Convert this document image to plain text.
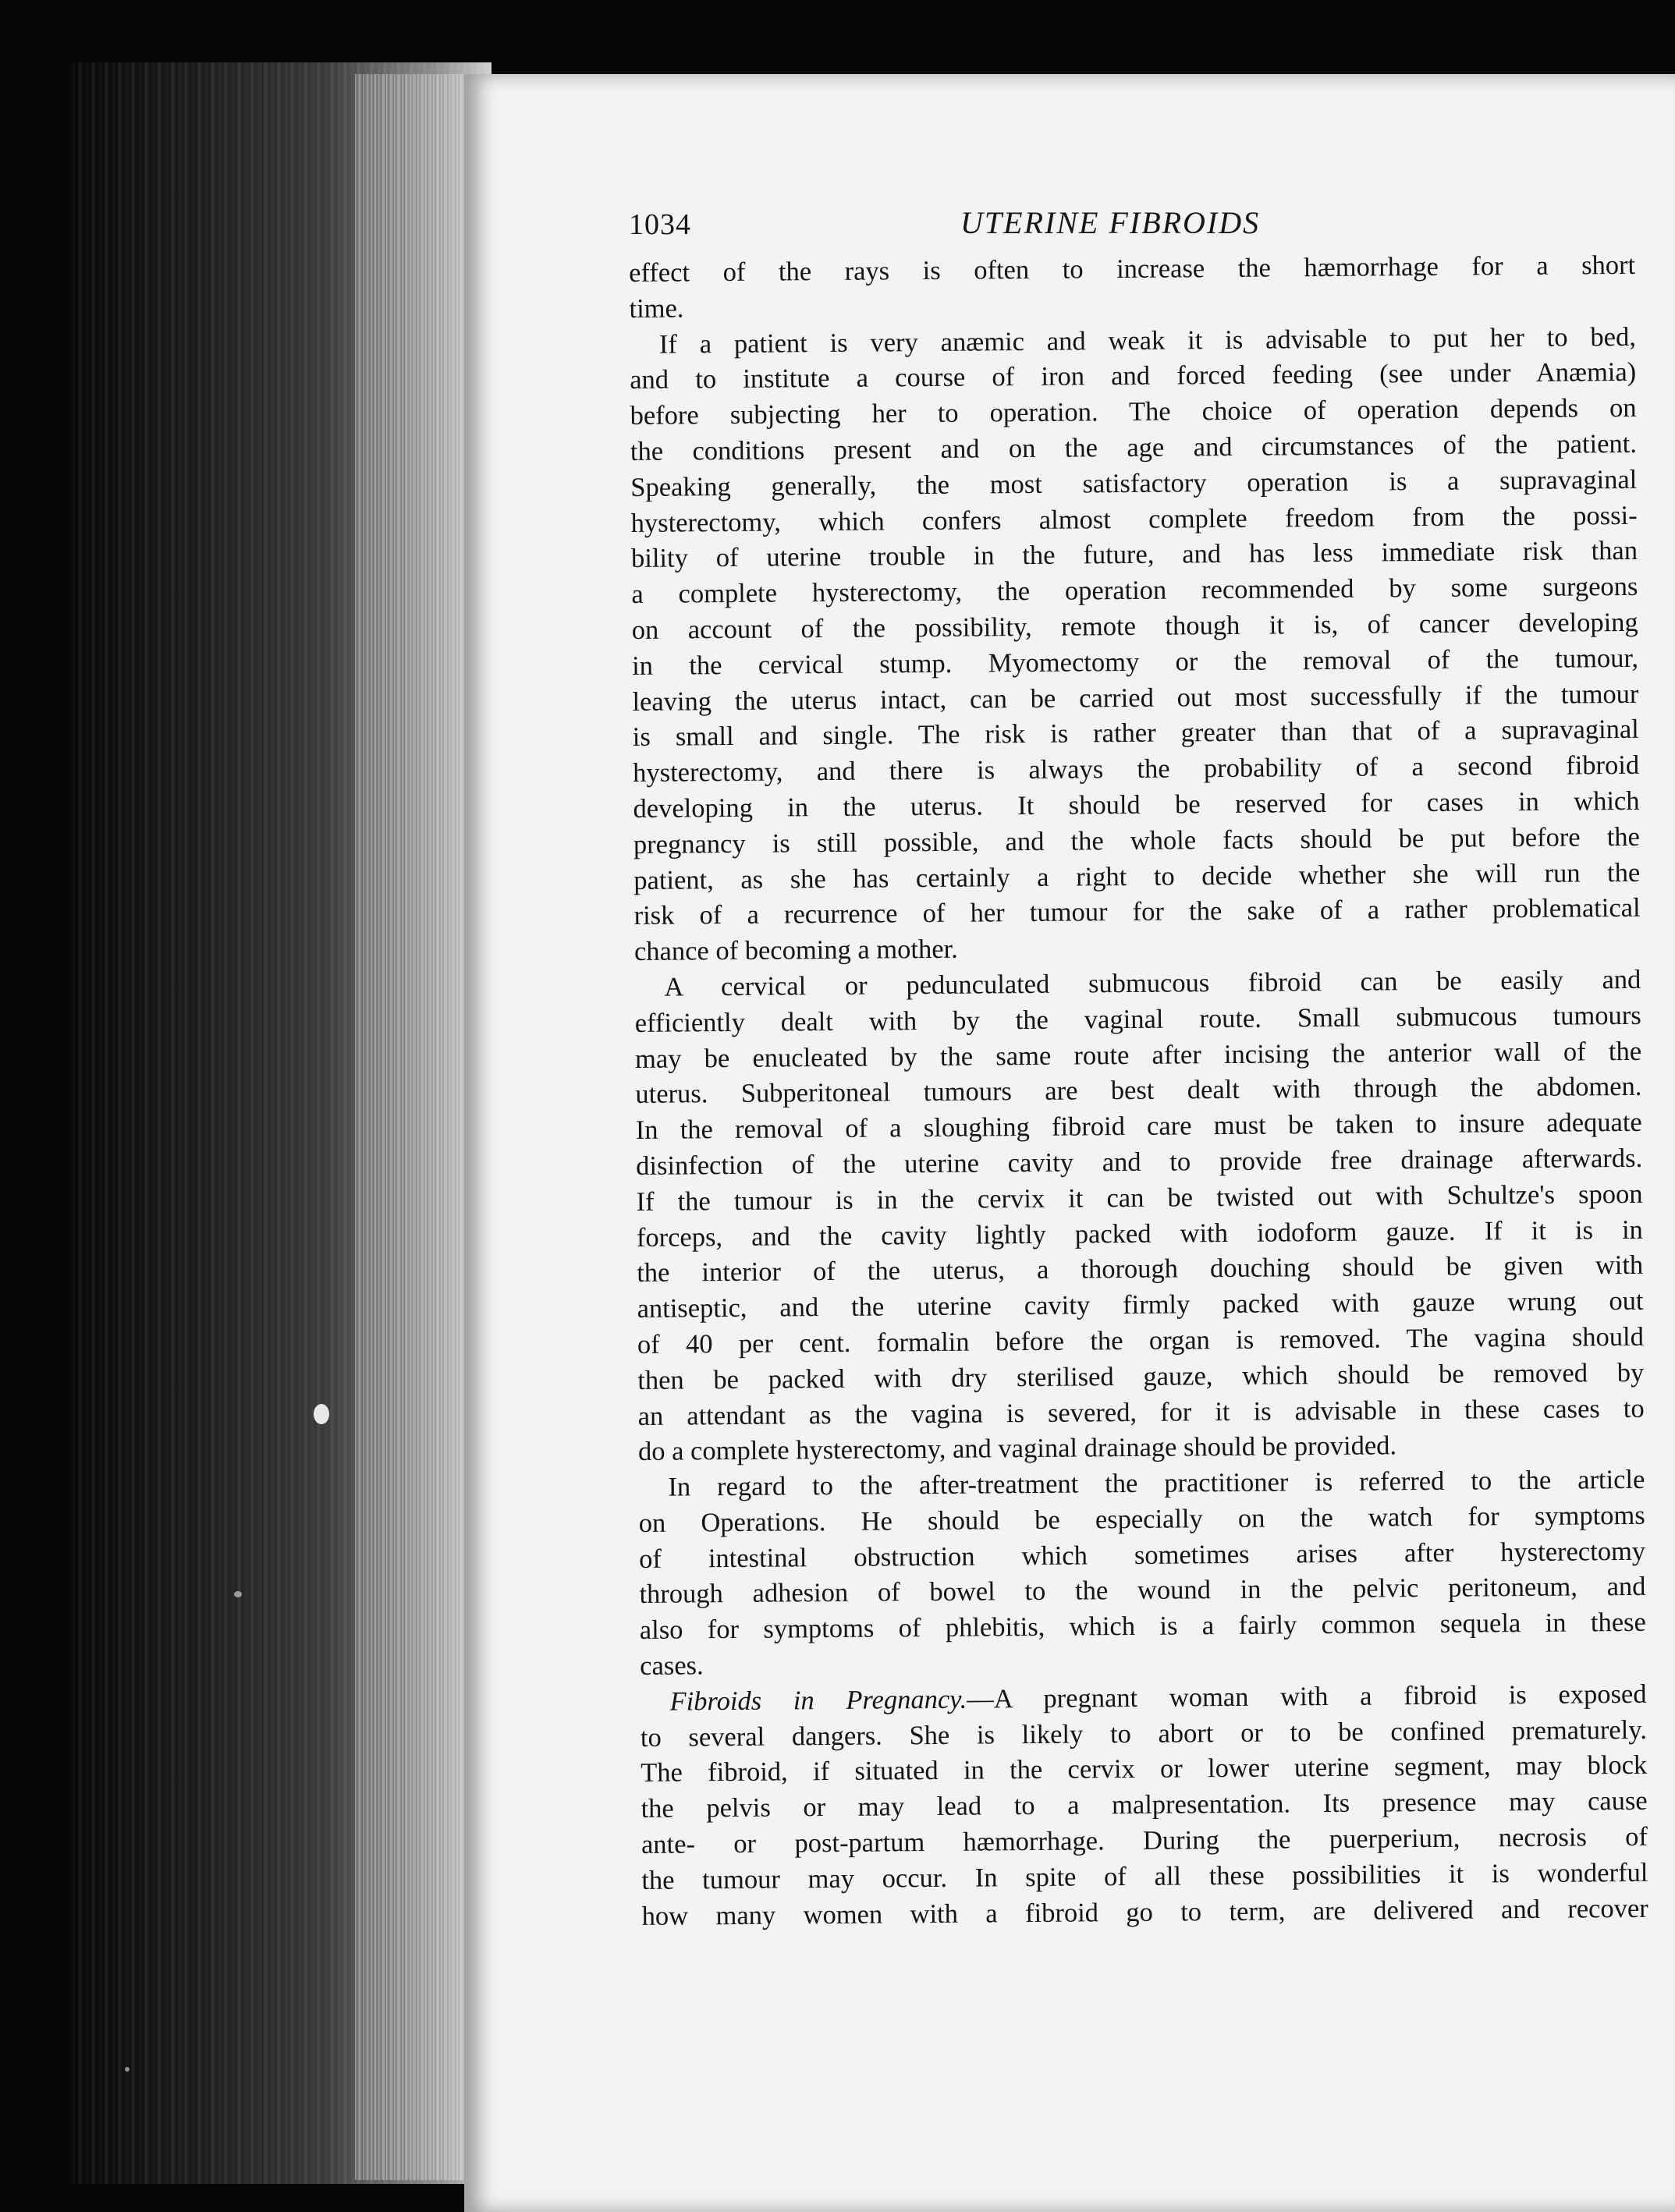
1034	UTERINE FIBROIDS
effect of the rays is often to increase the hæmorrhage for a short
time.
If a patient is very anæmic and weak it is advisable to put her to bed,
and to institute a course of iron and forced feeding (see under Anæmia)
before subjecting her to operation. The choice of operation depends on
the conditions present and on the age and circumstances of the patient.
Speaking generally, the most satisfactory operation is a supravaginal
hysterectomy, which confers almost complete freedom from the possi-
bility of uterine trouble in the future, and has less immediate risk than
a complete hysterectomy, the operation recommended by some surgeons
on account of the possibility, remote though it is, of cancer developing
in the cervical stump. Myomectomy or the removal of the tumour,
leaving the uterus intact, can be carried out most successfully if the tumour
is small and single. The risk is rather greater than that of a supravaginal
hysterectomy, and there is always the probability of a second fibroid
developing in the uterus. It should be reserved for cases in which
pregnancy is still possible, and the whole facts should be put before the
patient, as she has certainly a right to decide whether she will run the
risk of a recurrence of her tumour for the sake of a rather problematical
chance of becoming a mother.
A cervical or pedunculated submucous fibroid can be easily and
efficiently dealt with by the vaginal route. Small submucous tumours
may be enucleated by the same route after incising the anterior wall of the
uterus. Subperitoneal tumours are best dealt with through the abdomen.
In the removal of a sloughing fibroid care must be taken to insure adequate
disinfection of the uterine cavity and to provide free drainage afterwards.
If the tumour is in the cervix it can be twisted out with Schultze's spoon
forceps, and the cavity lightly packed with iodoform gauze. If it is in
the interior of the uterus, a thorough douching should be given with
antiseptic, and the uterine cavity firmly packed with gauze wrung out
of 40 per cent. formalin before the organ is removed. The vagina should
then be packed with dry sterilised gauze, which should be removed by
an attendant as the vagina is severed, for it is advisable in these cases to
do a complete hysterectomy, and vaginal drainage should be provided.
In regard to the after-treatment the practitioner is referred to the article
on Operations. He should be especially on the watch for symptoms
of intestinal obstruction which sometimes arises after hysterectomy
through adhesion of bowel to the wound in the pelvic peritoneum, and
also for symptoms of phlebitis, which is a fairly common sequela in these
cases.
Fibroids in Pregnancy.—A pregnant woman with a fibroid is exposed
to several dangers. She is likely to abort or to be confined prematurely.
The fibroid, if situated in the cervix or lower uterine segment, may block
the pelvis or may lead to a malpresentation. Its presence may cause
ante- or post-partum hæmorrhage. During the puerperium, necrosis of
the tumour may occur. In spite of all these possibilities it is wonderful
how many women with a fibroid go to term, are delivered and recover
